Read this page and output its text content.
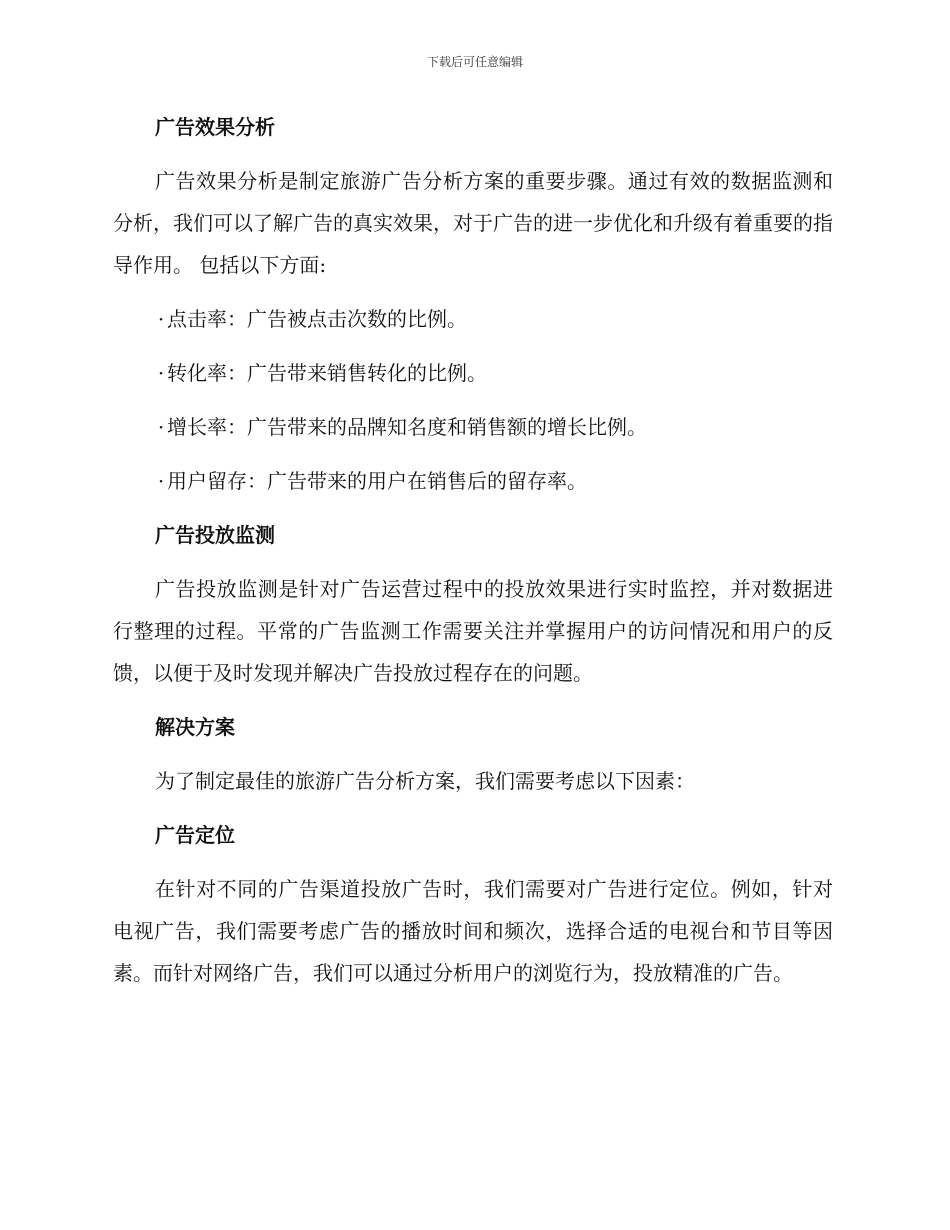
下载后可任意编辑
广告效果分析

广告效果分析是制定旅游广告分析方案的重要步骤。通过有效的数据监测和分析，我们可以了解广告的真实效果，对于广告的进一步优化和升级有着重要的指导作用。 包括以下方面:

· 点击率：广告被点击次数的比例。
· 转化率：广告带来销售转化的比例。
· 增长率：广告带来的品牌知名度和销售额的增长比例。
· 用户留存：广告带来的用户在销售后的留存率。
广告投放监测

广告投放监测是针对广告运营过程中的投放效果进行实时监控，并对数据进行整理的过程。平常的广告监测工作需要关注并掌握用户的访问情况和用户的反馈，以便于及时发现并解决广告投放过程存在的问题。

解决方案

为了制定最佳的旅游广告分析方案，我们需要考虑以下因素：

广告定位

在针对不同的广告渠道投放广告时，我们需要对广告进行定位。例如，针对电视广告，我们需要考虑广告的播放时间和频次，选择合适的电视台和节目等因素。而针对网络广告，我们可以通过分析用户的浏览行为，投放精准的广告。
